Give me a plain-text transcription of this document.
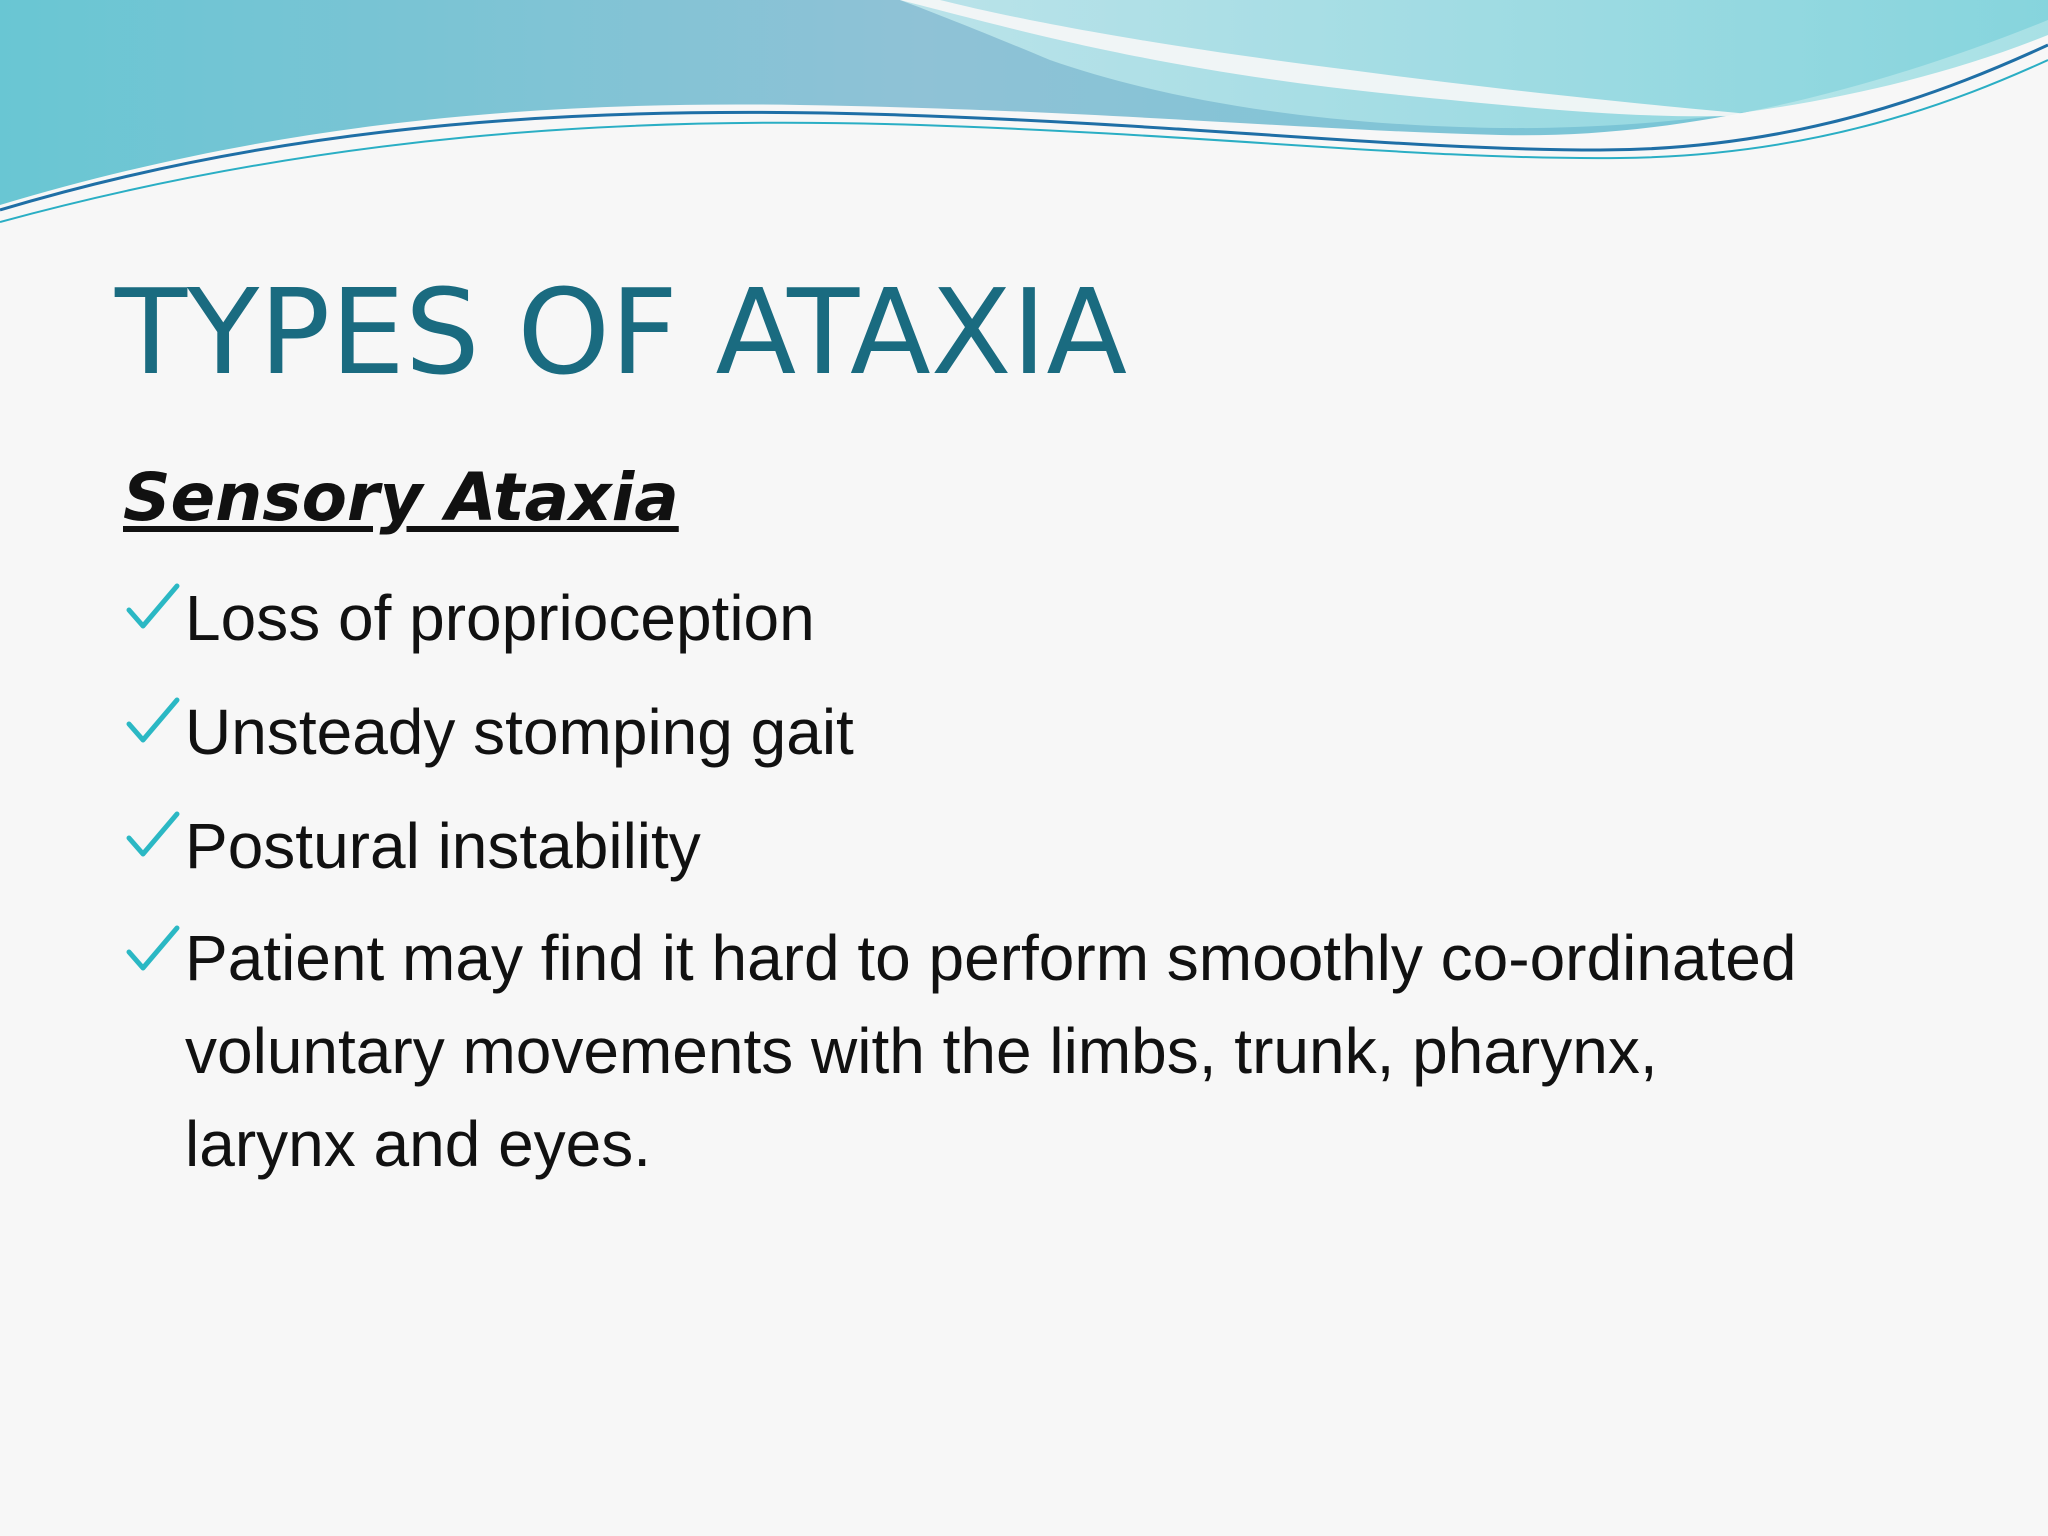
TYPES OF ATAXIA
Sensory Ataxia
Loss of proprioception
Unsteady stomping gait
Postural instability
Patient may find it hard to perform smoothly co-ordinated voluntary movements with the limbs, trunk, pharynx, larynx and eyes.
